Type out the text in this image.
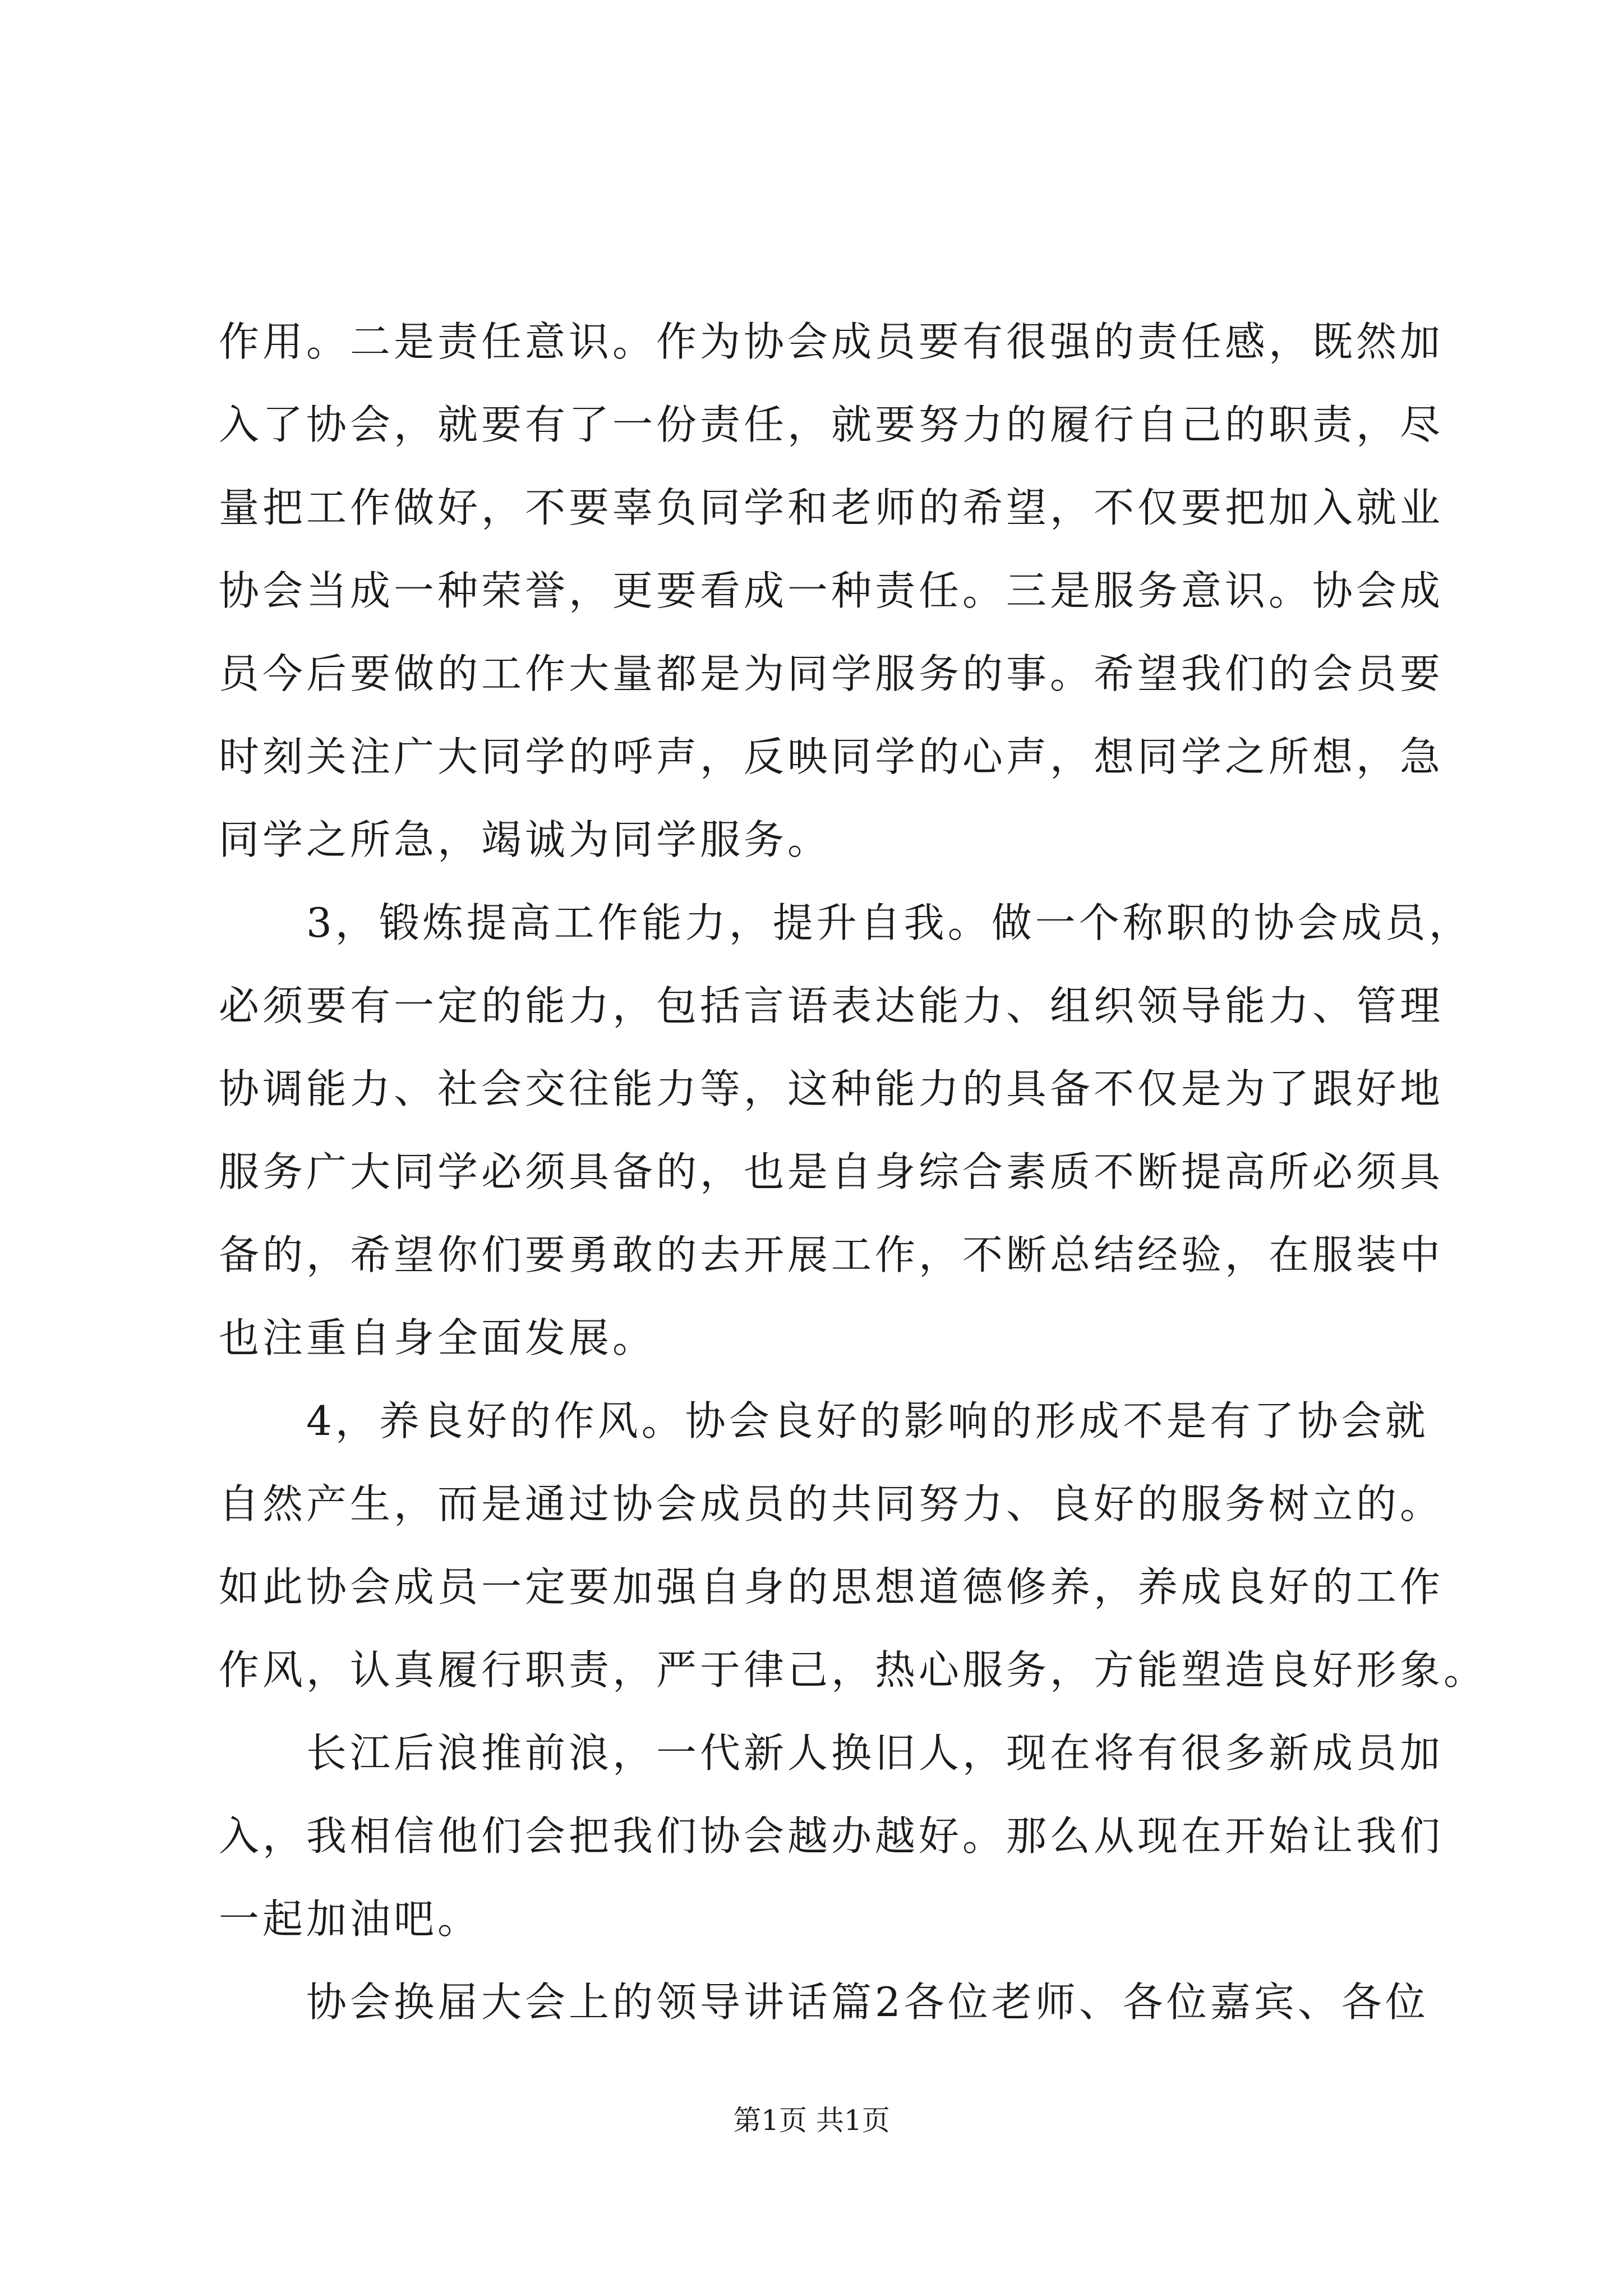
作用。二是责任意识。作为协会成员要有很强的责任感，既然加
入了协会，就要有了一份责任，就要努力的履行自己的职责，尽
量把工作做好，不要辜负同学和老师的希望，不仅要把加入就业
协会当成一种荣誉，更要看成一种责任。三是服务意识。协会成
员今后要做的工作大量都是为同学服务的事。希望我们的会员要
时刻关注广大同学的呼声，反映同学的心声，想同学之所想，急
同学之所急，竭诚为同学服务。
　　3，锻炼提高工作能力，提升自我。做一个称职的协会成员，
必须要有一定的能力，包括言语表达能力、组织领导能力、管理
协调能力、社会交往能力等，这种能力的具备不仅是为了跟好地
服务广大同学必须具备的，也是自身综合素质不断提高所必须具
备的，希望你们要勇敢的去开展工作，不断总结经验，在服装中
也注重自身全面发展。
　　4，养良好的作风。协会良好的影响的形成不是有了协会就
自然产生，而是通过协会成员的共同努力、良好的服务树立的。
如此协会成员一定要加强自身的思想道德修养，养成良好的工作
作风，认真履行职责，严于律己，热心服务，方能塑造良好形象。
　　长江后浪推前浪，一代新人换旧人，现在将有很多新成员加
入，我相信他们会把我们协会越办越好。那么从现在开始让我们
一起加油吧。
　　协会换届大会上的领导讲话篇2各位老师、各位嘉宾、各位
第1页 共1页
